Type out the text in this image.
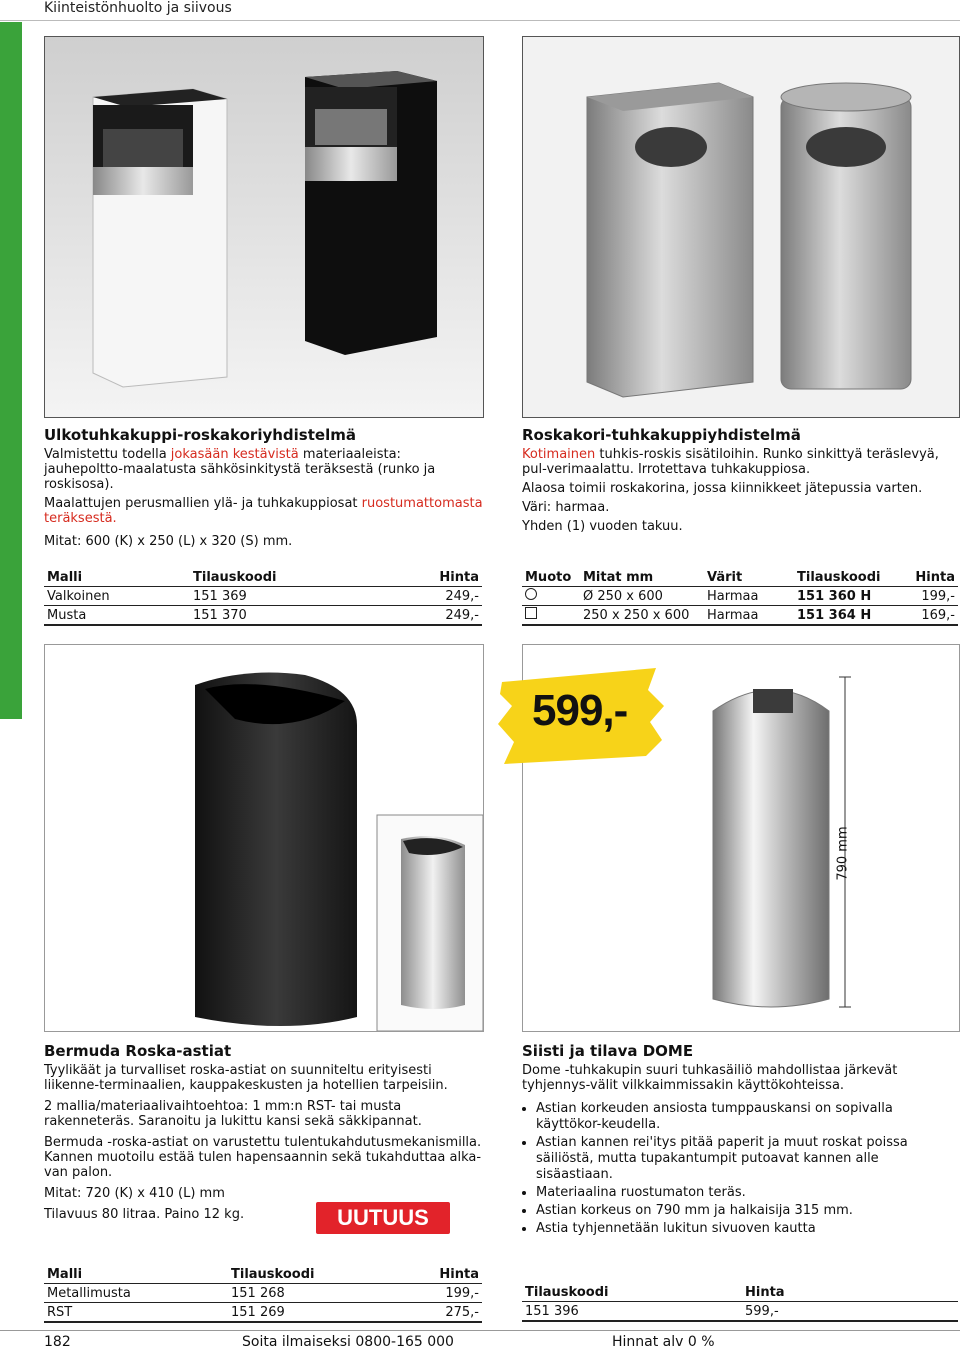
Kiinteistönhuolto ja siivous
Ulkotuhkakuppi-roskakoriyhdistelmä

Valmistettu todella jokasään kestävistä materiaaleista: jauhepoltto-maalatusta sähkösinkitystä teräksestä (runko ja roskisosa).

Maalattujen perusmallien ylä- ja tuhkakuppiosat ruostumattomasta teräksestä.

Mitat: 600 (K) x 250 (L) x 320 (S) mm.

Malli	Tilauskoodi	Hinta
Valkoinen	151 369	249,-
Musta	151 370	249,-
Roskakori-tuhkakuppiyhdistelmä

Kotimainen tuhkis-roskis sisätiloihin. Runko sinkittyä teräslevyä, pul-verimaalattu. Irrotettava tuhkakuppiosa.

Alaosa toimii roskakorina, jossa kiinnikkeet jätepussia varten.

Väri: harmaa.

Yhden (1) vuoden takuu.

Muoto	Mitat mm	Värit	Tilauskoodi	Hinta
	Ø 250 x 600	Harmaa	151 360 H	199,-
	250 x 250 x 600	Harmaa	151 364 H	169,-
599,-
790 mm
Bermuda Roska-astiat

Tyylikäät ja turvalliset roska-astiat on suunniteltu erityisesti liikenne-terminaalien, kauppakeskusten ja hotellien tarpeisiin.

2 mallia/materiaalivaihtoehtoa: 1 mm:n RST- tai musta rakenneteräs. Saranoitu ja lukittu kansi sekä säkkipannat.

Bermuda -roska-astiat on varustettu tulentukahdutusmekanismilla. Kannen muotoilu estää tulen hapensaannin sekä tukahduttaa alka-van palon.

Mitat: 720 (K) x 410 (L) mm

Tilavuus 80 litraa. Paino 12 kg.	UUTUUS
Malli	Tilauskoodi	Hinta
Metallimusta	151 268	199,-
RST	151 269	275,-
Siisti ja tilava DOME

Dome -tuhkakupin suuri tuhkasäiliö mahdollistaa järkevät tyhjennys-välit vilkkaimmissakin käyttökohteissa.

• Astian korkeuden ansiosta tumppauskansi on sopivalla käyttökor-keudella.
• Astian kannen rei'itys pitää paperit ja muut roskat poissa säiliöstä, mutta tupakantumpit putoavat kannen alle sisäastiaan.
• Materiaalina ruostumaton teräs.
• Astian korkeus on 790 mm ja halkaisija 315 mm.
• Astia tyhjennetään lukitun sivuoven kautta
Tilauskoodi	Hinta
151 396	599,-
182	Soita ilmaiseksi 0800-165 000	Hinnat alv 0 %
